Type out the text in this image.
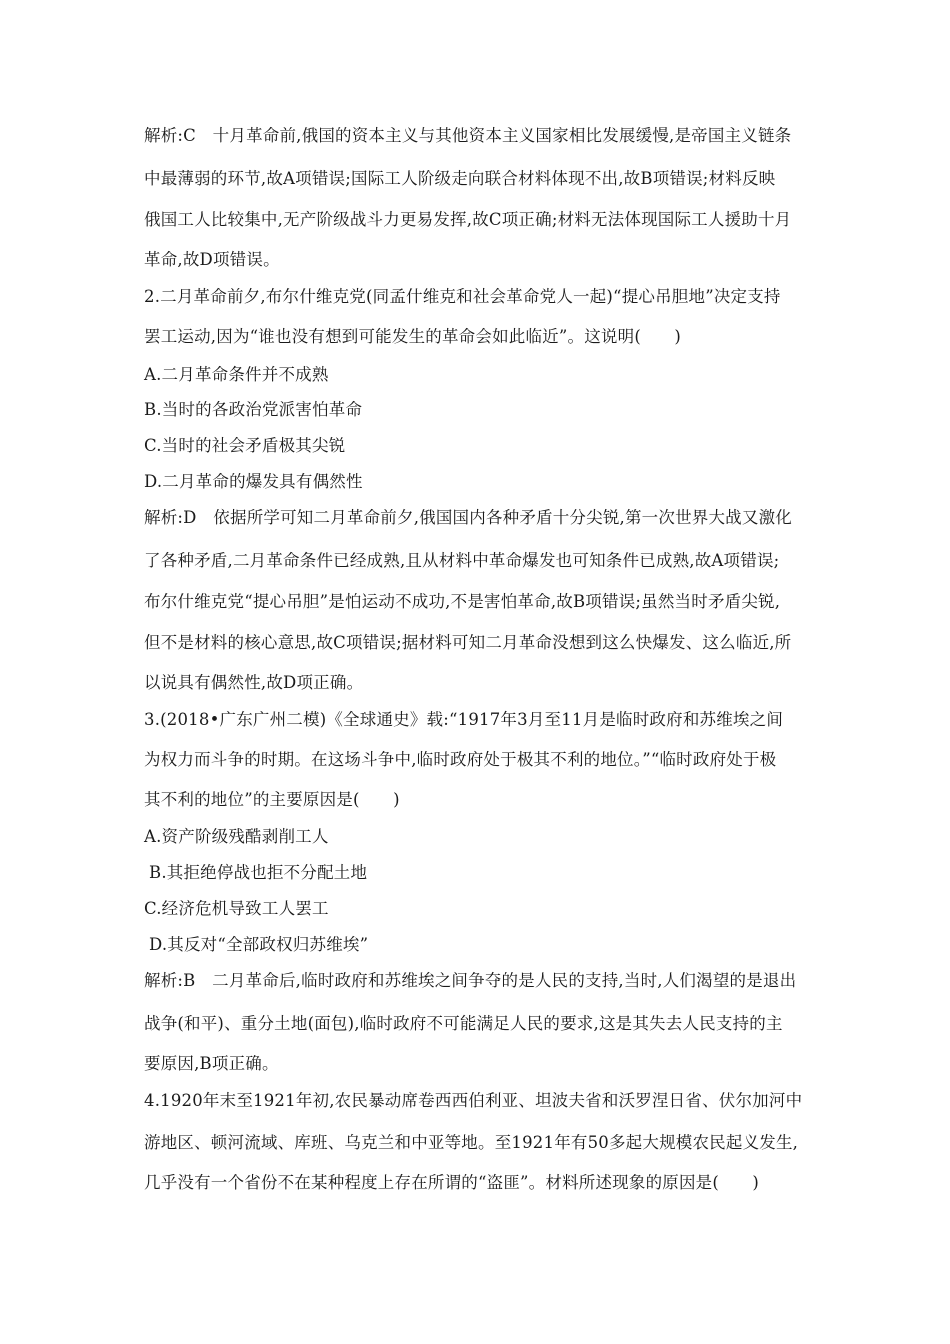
解析:C　十月革命前,俄国的资本主义与其他资本主义国家相比发展缓慢,是帝国主义链条
中最薄弱的环节,故A项错误;国际工人阶级走向联合材料体现不出,故B项错误;材料反映
俄国工人比较集中,无产阶级战斗力更易发挥,故C项正确;材料无法体现国际工人援助十月
革命,故D项错误。
2.二月革命前夕,布尔什维克党(同孟什维克和社会革命党人一起)“提心吊胆地”决定支持
罢工运动,因为“谁也没有想到可能发生的革命会如此临近”。这说明(　　)
A.二月革命条件并不成熟
B.当时的各政治党派害怕革命
C.当时的社会矛盾极其尖锐
D.二月革命的爆发具有偶然性
解析:D　依据所学可知二月革命前夕,俄国国内各种矛盾十分尖锐,第一次世界大战又激化
了各种矛盾,二月革命条件已经成熟,且从材料中革命爆发也可知条件已成熟,故A项错误;
布尔什维克党“提心吊胆”是怕运动不成功,不是害怕革命,故B项错误;虽然当时矛盾尖锐,
但不是材料的核心意思,故C项错误;据材料可知二月革命没想到这么快爆发、这么临近,所
以说具有偶然性,故D项正确。
3.(2018•广东广州二模)《全球通史》载:“1917年3月至11月是临时政府和苏维埃之间
为权力而斗争的时期。在这场斗争中,临时政府处于极其不利的地位。”“临时政府处于极
其不利的地位”的主要原因是(　　)
A.资产阶级残酷剥削工人
B.其拒绝停战也拒不分配土地
C.经济危机导致工人罢工
D.其反对“全部政权归苏维埃”
解析:B　二月革命后,临时政府和苏维埃之间争夺的是人民的支持,当时,人们渴望的是退出
战争(和平)、重分土地(面包),临时政府不可能满足人民的要求,这是其失去人民支持的主
要原因,B项正确。
4.1920年末至1921年初,农民暴动席卷西西伯利亚、坦波夫省和沃罗涅日省、伏尔加河中
游地区、顿河流域、库班、乌克兰和中亚等地。至1921年有50多起大规模农民起义发生,
几乎没有一个省份不在某种程度上存在所谓的“盗匪”。材料所述现象的原因是(　　)
